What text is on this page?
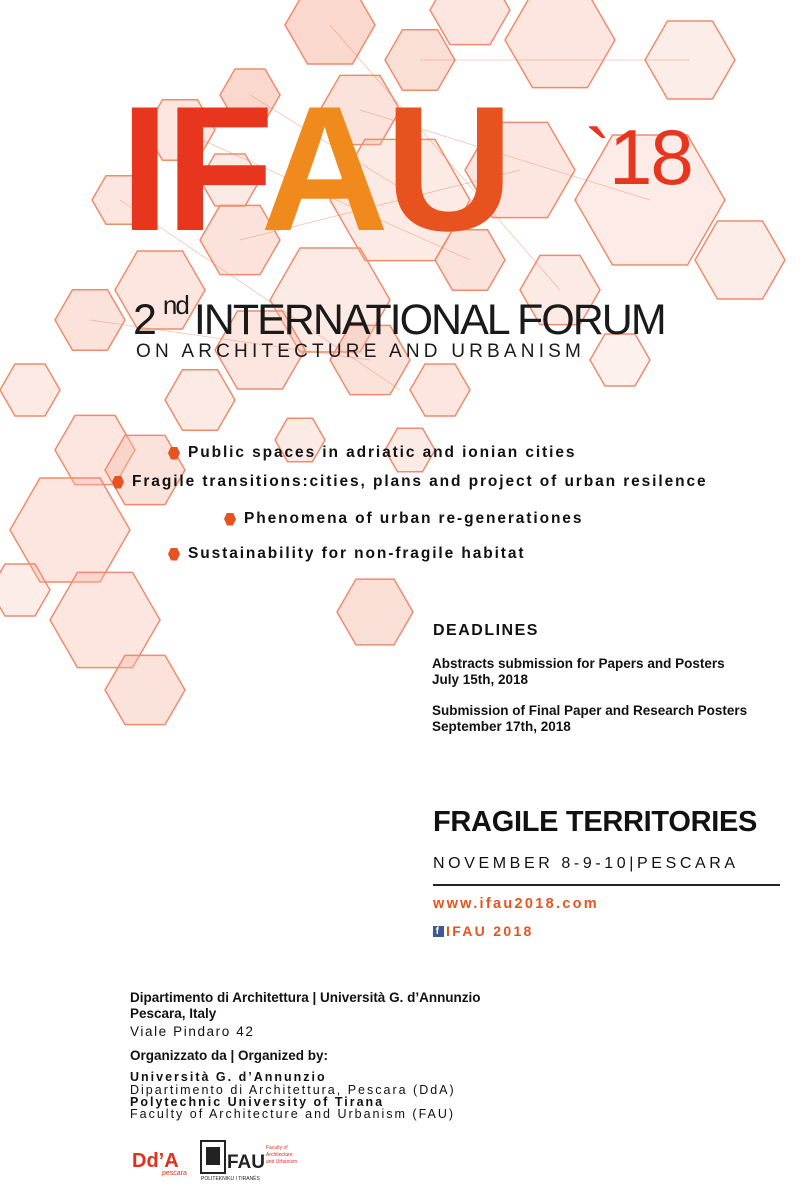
IFAU `18
2 $^{nd}$ INTERNATIONAL FORUM
ON ARCHITECTURE AND URBANISM
Public spaces in adriatic and ionian cities
Fragile transitions:cities, plans and project of urban resilence
Phenomena of urban re-generationes
Sustainability for non-fragile habitat
DEADLINES
Abstracts submission for Papers and Posters
July 15th, 2018
Submission of Final Paper and Research Posters
September 17th, 2018
FRAGILE TERRITORIES
NOVEMBER 8-9-10|PESCARA
www.ifau2018.com
f IFAU 2018
Dipartimento di Architettura | Università G. d’Annunzio
Pescara, Italy
Viale Pindaro 42
Organizzato da | Organized by:
Università G. d’Annunzio
Dipartimento di Architettura, Pescara (DdA)
Polytechnic University of Tirana
Faculty of Architecture and Urbanism (FAU)
Dd’A
pescara
FAU
Faculty of
Architecture
and Urbanism
POLITEKNIKU I TIRANËS
